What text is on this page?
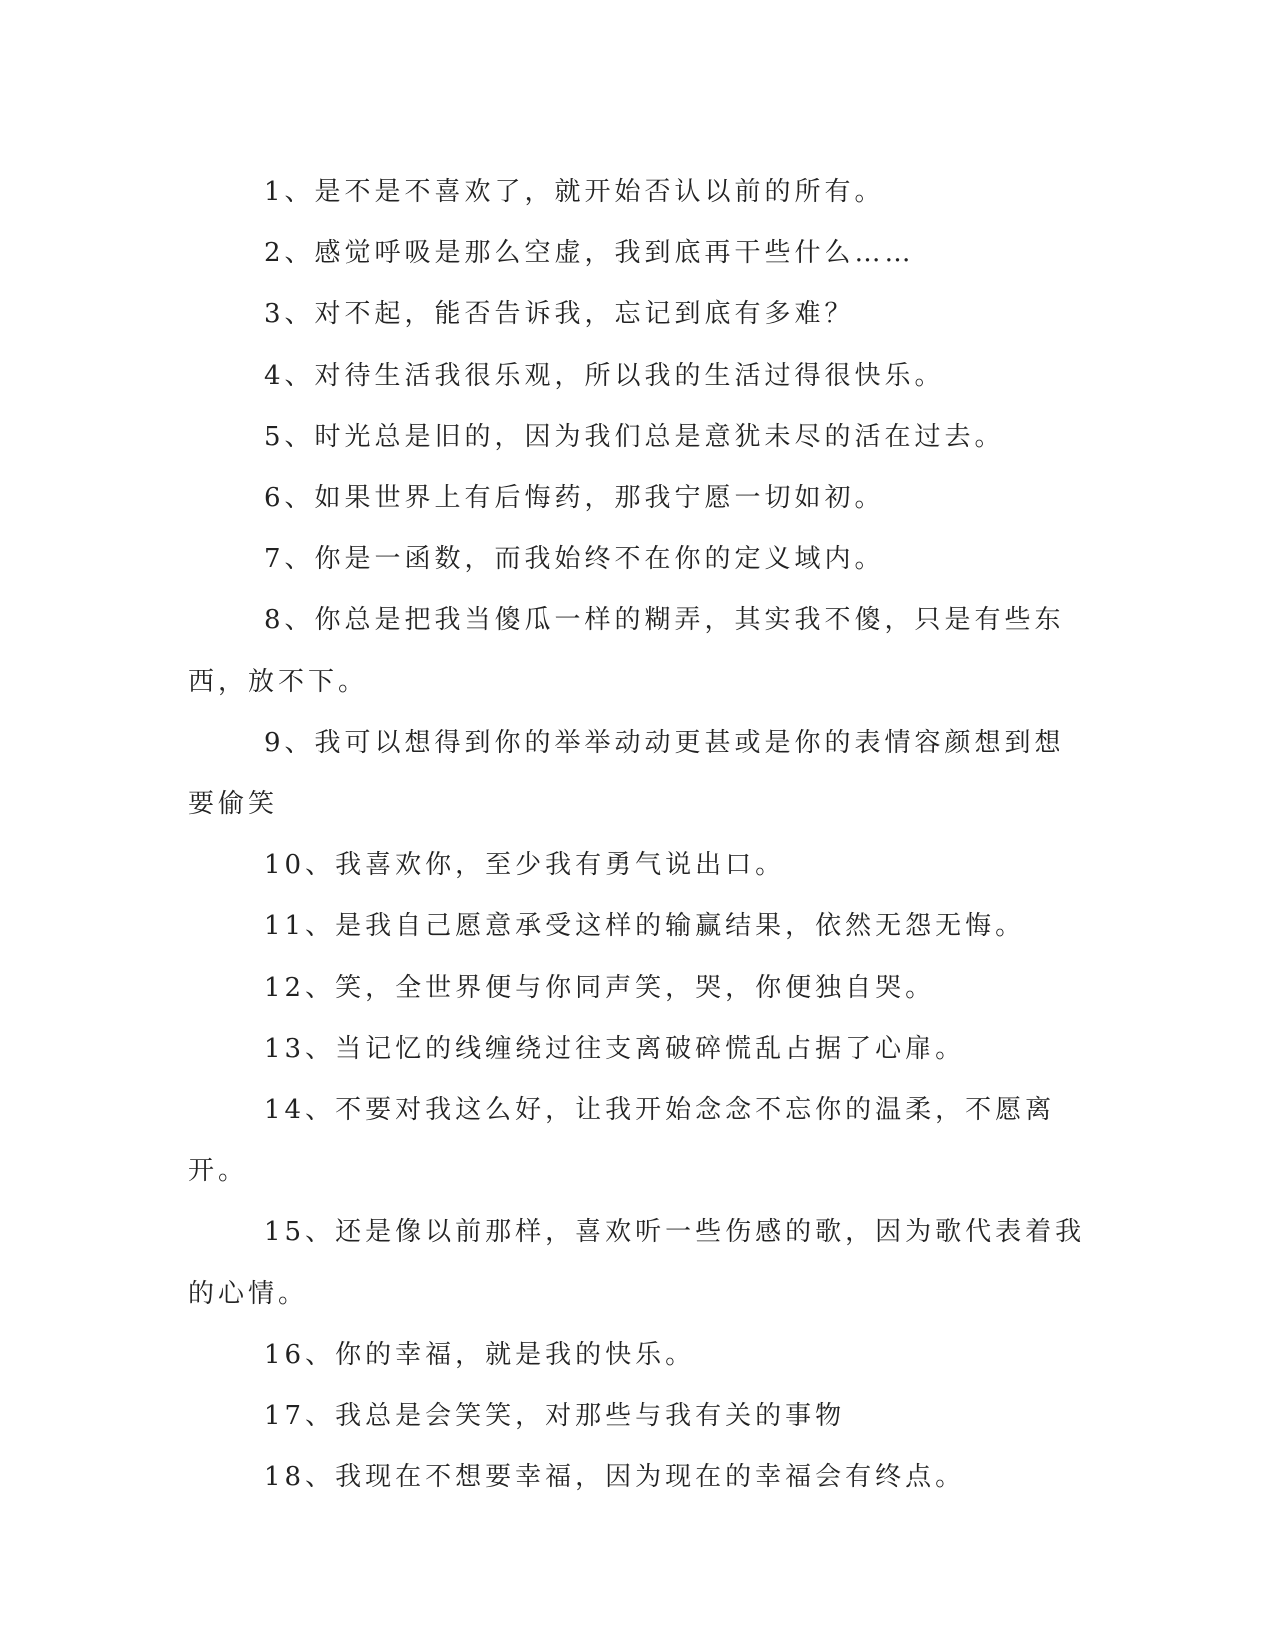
1、是不是不喜欢了，就开始否认以前的所有。

2、感觉呼吸是那么空虚，我到底再干些什么……

3、对不起，能否告诉我，忘记到底有多难？

4、对待生活我很乐观，所以我的生活过得很快乐。

5、时光总是旧的，因为我们总是意犹未尽的活在过去。

6、如果世界上有后悔药，那我宁愿一切如初。

7、你是一函数，而我始终不在你的定义域内。

8、你总是把我当傻瓜一样的糊弄，其实我不傻，只是有些东西，放不下。

9、我可以想得到你的举举动动更甚或是你的表情容颜想到想要偷笑

10、我喜欢你，至少我有勇气说出口。

11、是我自己愿意承受这样的输赢结果，依然无怨无悔。

12、笑，全世界便与你同声笑，哭，你便独自哭。

13、当记忆的线缠绕过往支离破碎慌乱占据了心扉。

14、不要对我这么好，让我开始念念不忘你的温柔，不愿离开。

15、还是像以前那样，喜欢听一些伤感的歌，因为歌代表着我的心情。

16、你的幸福，就是我的快乐。

17、我总是会笑笑，对那些与我有关的事物

18、我现在不想要幸福，因为现在的幸福会有终点。
